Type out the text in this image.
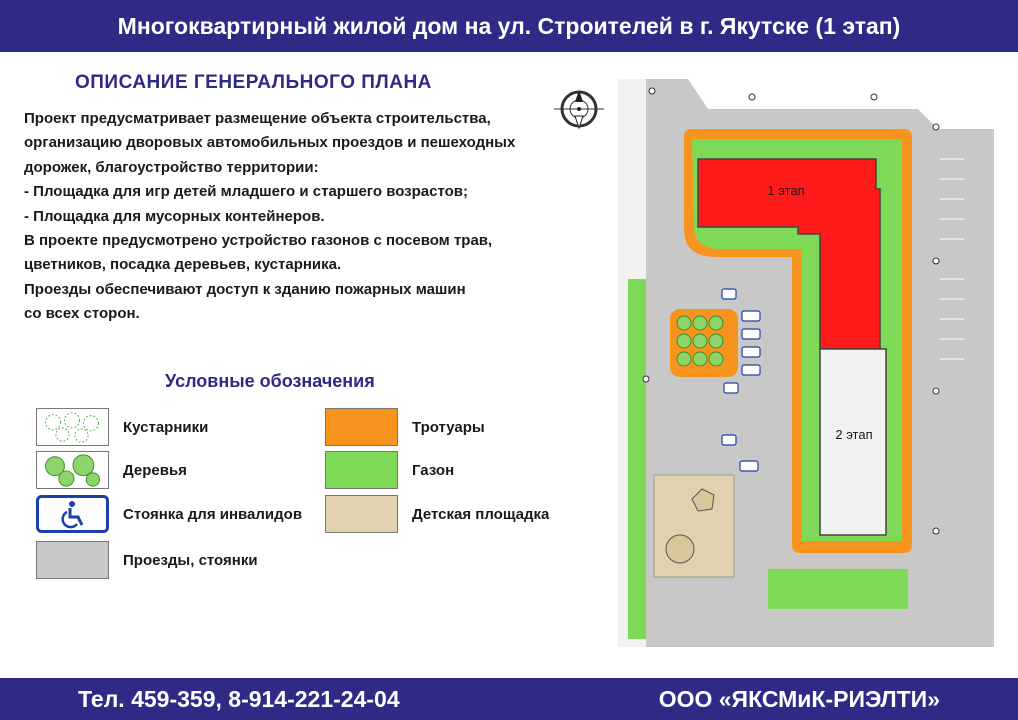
Многоквартирный жилой дом на ул. Строителей в г. Якутске (1 этап)
ОПИСАНИЕ ГЕНЕРАЛЬНОГО ПЛАНА
Проект предусматривает размещение объекта строительства,
организацию дворовых автомобильных проездов и пешеходных
дорожек, благоустройство территории:
- Площадка для игр детей младшего и старшего возрастов;
- Площадка для мусорных контейнеров.
В проекте предусмотрено устройство газонов с посевом трав,
цветников, посадка деревьев, кустарника.
Проезды обеспечивают доступ к зданию пожарных машин
со всех сторон.
Условные обозначения
Кустарники
Деревья
Стоянка для инвалидов
Проезды, стоянки
Тротуары
Газон
Детская площадка
1 этап
2 этап
Тел. 459-359, 8-914-221-24-04	ООО «ЯКСМиК-РИЭЛТИ»
